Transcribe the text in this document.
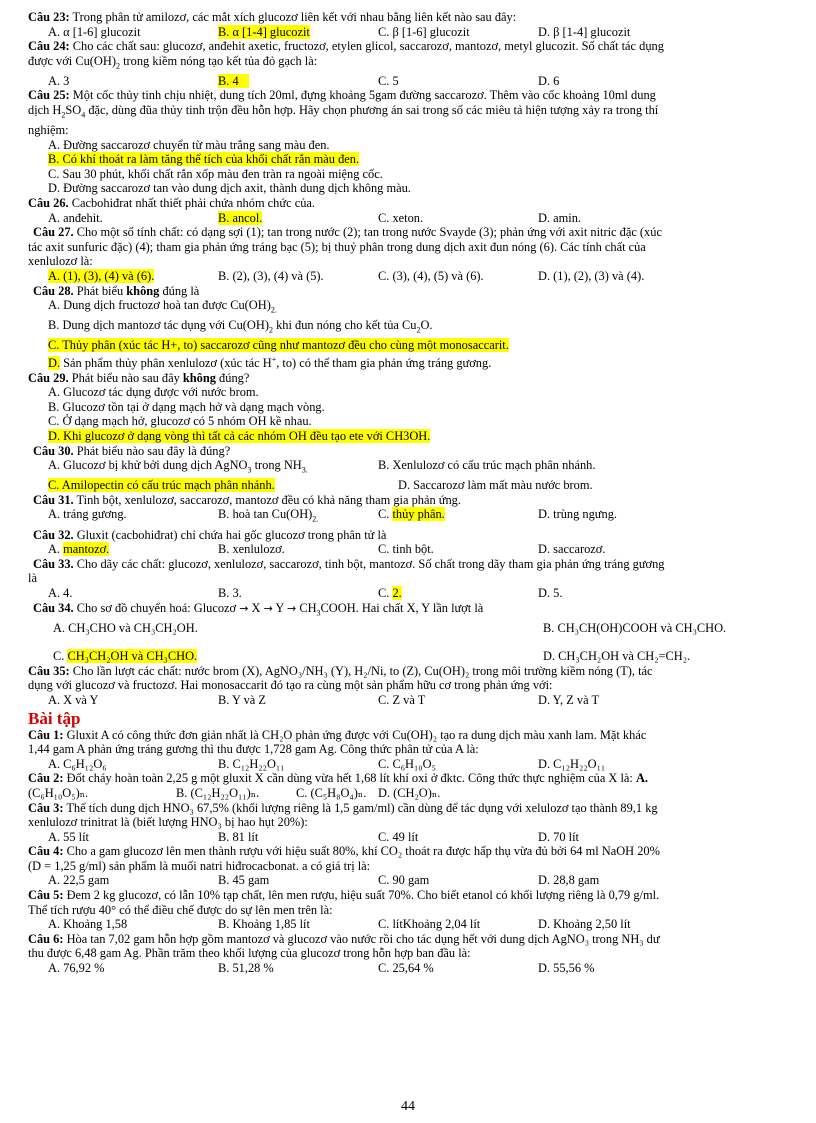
Câu 23: Trong phân tử amilozơ, các mắt xích glucozơ liên kết với nhau bằng liên kết nào sau đây:
A. α [1-6] glucozit	B. α [1-4] glucozit	C. β [1-6] glucozit	D. β [1-4] glucozit
Câu 24: Cho các chất sau: glucozơ, anđehit axetic, fructozơ, etylen glicol, saccarozơ, mantozơ, metyl glucozit. Số chất tác dụng
được với $Cu(OH)_2$ trong kiềm nóng tạo kết tủa đỏ gạch là:
A. 3	B. 4	C. 5	D. 6
Câu 25: Một cốc thủy tinh chịu nhiệt, dung tích 20ml, đựng khoảng 5gam đường saccarozơ. Thêm vào cốc khoảng 10ml dung
dịch $H_2SO_4$ đặc, dùng đũa thủy tinh trộn đều hỗn hợp. Hãy chọn phương án sai trong số các miêu tả hiện tượng xảy ra trong thí
nghiệm:
A. Đường saccarozơ chuyển từ màu trắng sang màu đen.
B. Có khí thoát ra làm tăng thể tích của khối chất rắn màu đen.
C. Sau 30 phút, khối chất rắn xốp màu đen tràn ra ngoài miệng cốc.
D. Đường saccarozơ tan vào dung dịch axit, thành dung dịch không màu.
Câu 26. Cacbohiđrat nhất thiết phải chứa nhóm chức của.
A. anđehit.	B. ancol.	C. xeton.	D. amin.
Câu 27. Cho một số tính chất: có dạng sợi (1); tan trong nước (2); tan trong nước Svayde (3); phản ứng với axit nitric đặc (xúc
tác axit sunfuric đặc) (4); tham gia phản ứng tráng bạc (5); bị thuỷ phân trong dung dịch axit đun nóng (6). Các tính chất của
xenlulozơ là:
A. (1), (3), (4) và (6).	B. (2), (3), (4) và (5).	C. (3), (4), (5) và (6).	D. (1), (2), (3) và (4).
Câu 28. Phát biểu không đúng là
A. Dung dịch fructozơ hoà tan được $Cu(OH)_{2.}$
B. Dung dịch mantozơ tác dụng với $Cu(OH)_2$ khi đun nóng cho kết tủa $Cu_2O$.
C. Thủy phân (xúc tác H+, to) saccarozơ cũng như mantozơ đều cho cùng một monosaccarit.
D. Sản phẩm thủy phân xenlulozơ (xúc tác H+, to) có thể tham gia phản ứng tráng gương.
Câu 29. Phát biểu nào sau đây không đúng?
A. Glucozơ tác dụng được với nước brom.
B. Glucozơ tồn tại ở dạng mạch hở và dạng mạch vòng.
C. Ở dạng mạch hở, glucozơ có 5 nhóm OH kề nhau.
D. Khi glucozơ ở dạng vòng thì tất cả các nhóm OH đều tạo ete với CH3OH.
Câu 30. Phát biểu nào sau đây là đúng?
A. Glucozơ bị khử bởi dung dịch AgNO$_3$ trong $NH_{3.}$	B. Xenlulozơ có cấu trúc mạch phân nhánh.
C. Amilopectin có cấu trúc mạch phân nhánh.	D. Saccarozơ làm mất màu nước brom.
Câu 31. Tinh bột, xenlulozơ, saccarozơ, mantozơ đều có khả năng tham gia phản ứng.
A. tráng gương.	B. hoà $\tan Cu(OH)_{2.}$	C. thủy phân.	D. trùng ngưng.
Câu 32. Gluxit (cacbohiđrat) chỉ chứa hai gốc glucozơ trong phân tử là
A. mantozơ.	B. xenlulozơ.	C. tinh bột.	D. saccarozơ.
Câu 33. Cho dãy các chất: glucozơ, xenlulozơ, saccarozơ, tinh bột, mantozơ. Số chất trong dãy tham gia phản ứng tráng gương
là
A. 4.	B. 3.	C. 2.	D. 5.
Câu 34. Cho sơ đồ chuyển hoá: Glucozơ → $X \to Y \to CH_3COOH$. Hai chất X, Y lần lượt là
A. CH₃CHO và CH₃CH₂OH.	B. CH₃CH(OH)COOH và CH₃CHO.
C. CH₃CH₂OH và CH₃CHO.	D. CH₃CH₂OH và CH₂=CH₂.
Câu 35: Cho lần lượt các chất: nước brom (X), AgNO₃/NH₃ (Y), H₂/Ni, to (Z), Cu(OH)₂ trong môi trường kiềm nóng (T), tác
dụng với glucozơ và fructozơ. Hai monosaccarit đó tạo ra cùng một sản phẩm hữu cơ trong phản ứng với:
A. X và Y	B. Y và Z	C. Z và T	D. Y, Z và T
Bài tập
Câu 1: Gluxit A có công thức đơn giản nhất là CH₂O phản ứng được với Cu(OH)₂ tạo ra dung dịch màu xanh lam. Mặt khác
1,44 gam A phản ứng tráng gương thì thu được 1,728 gam Ag. Công thức phân tử của A là:
A. C₆H₁₂O₆	B. C₁₂H₂₂O₁₁	C. C₆H₁₀O₅	D. C₁₂H₂₂O₁₁
Câu 2: Đốt cháy hoàn toàn 2,25 g một gluxit X cần dùng vừa hết 1,68 lít khí oxi ở đktc. Công thức thực nghiệm của X là: A.
(C₆H₁₀O₅)ₙ.	B. (C₁₂H₂₂O₁₁)ₙ.	C. (C₅H₈O₄)ₙ. D. (CH₂O)ₙ.
Câu 3: Thể tích dung dịch HNO₃ 67,5% (khối lượng riêng là 1,5 gam/ml) cần dùng để tác dụng với xelulozơ tạo thành 89,1 kg
xenlulozơ trinitrat là (biết lượng HNO₃ bị hao hụt 20%):
A. 55 lít	B. 81 lít	C. 49 lít	D. 70 lít
Câu 4: Cho a gam glucozơ lên men thành rượu với hiệu suất 80%, khí CO₂ thoát ra được hấp thụ vừa đủ bởi 64 ml NaOH 20%
(D = 1,25 g/ml) sản phẩm là muối natri hiđrocacbonat. a có giá trị là:
A. 22,5 gam	B. 45 gam	C. 90 gam	D. 28,8 gam
Câu 5: Đem 2 kg glucozơ, có lẫn 10% tạp chất, lên men rượu, hiệu suất 70%. Cho biết etanol có khối lượng riêng là 0,79 g/ml.
Thể tích rượu 40° có thể điều chế được do sự lên men trên là:
A. Khoảng 1,58	B. Khoảng 1,85 lít	C. lítKhoảng 2,04 lít	D. Khoảng 2,50 lít
Câu 6: Hòa tan 7,02 gam hỗn hợp gồm mantozơ và glucozơ vào nước rồi cho tác dụng hết với dung dịch AgNO₃ trong NH₃ dư
thu được 6,48 gam Ag. Phần trăm theo khối lượng của glucozơ trong hỗn hợp ban đầu là:
A. 76,92 %	B. 51,28 %	C. 25,64 %	D. 55,56 %
44
